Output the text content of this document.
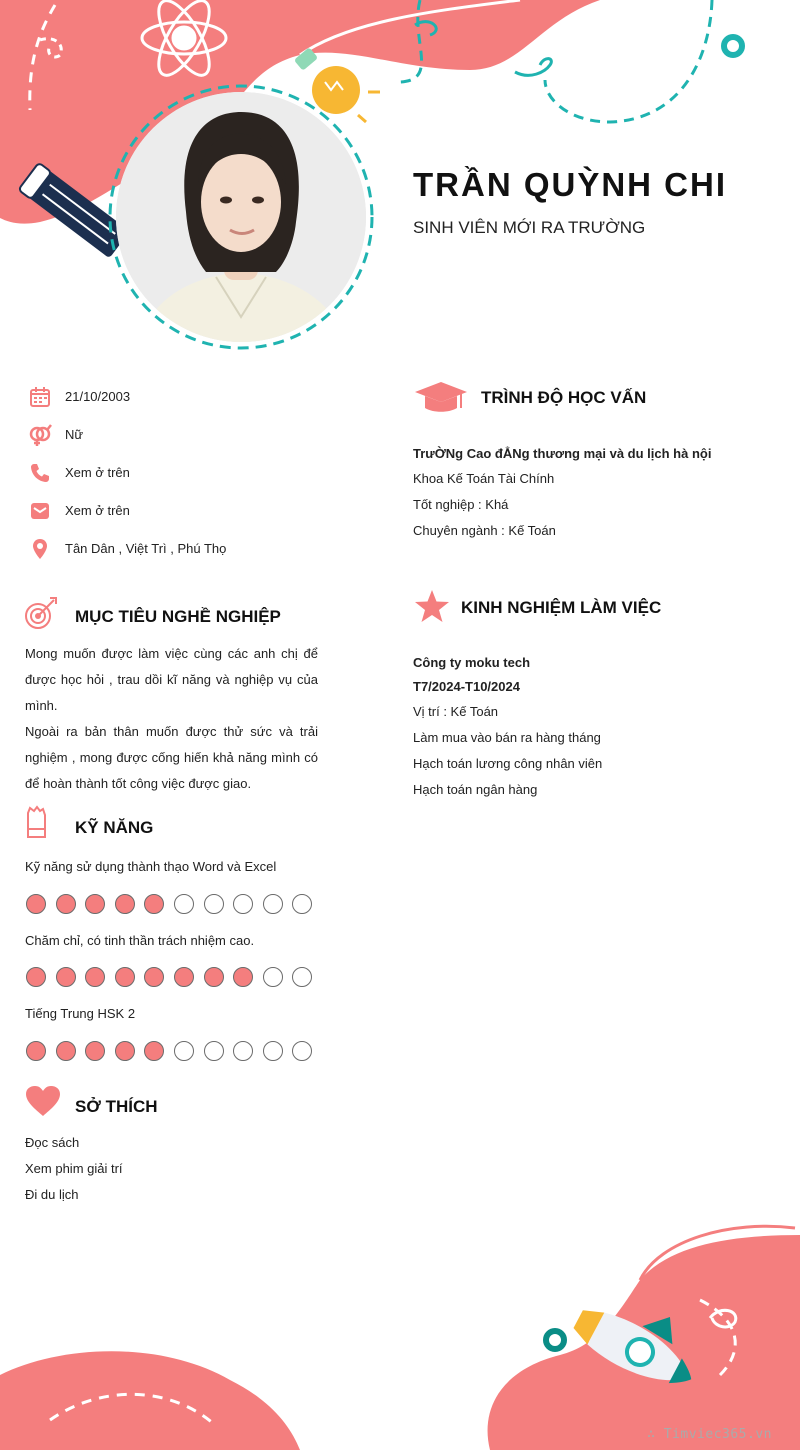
TRẦN QUỲNH CHI
SINH VIÊN MỚI RA TRƯỜNG
21/10/2003
Nữ
Xem ở trên
Xem ở trên
Tân Dân , Việt Trì , Phú Thọ
MỤC TIÊU NGHỀ NGHIỆP
Mong muốn được làm việc cùng các anh chị để được học hỏi , trau dồi kĩ năng và nghiệp vụ của mình.
Ngoài ra bản thân muốn được thử sức và trải nghiệm , mong được cống hiến khả năng mình có để hoàn thành tốt công việc được giao.
KỸ NĂNG
Kỹ năng sử dụng thành thạo Word và Excel
Chăm chỉ, có tinh thần trách nhiệm cao.
Tiếng Trung HSK 2
SỞ THÍCH
Đọc sách
Xem phim giải trí
Đi du lịch
TRÌNH ĐỘ HỌC VẤN
TrưỜNg Cao đẲNg thương mại và du lịch hà nội
Khoa Kế Toán Tài Chính
Tốt nghiệp : Khá
Chuyên ngành : Kế Toán
KINH NGHIỆM LÀM VIỆC
Công ty moku tech
T7/2024-T10/2024
Vị trí : Kế Toán
Làm mua vào bán ra hàng tháng
Hạch toán lương công nhân viên
Hạch toán ngân hàng
∴ Timviec365.vn
